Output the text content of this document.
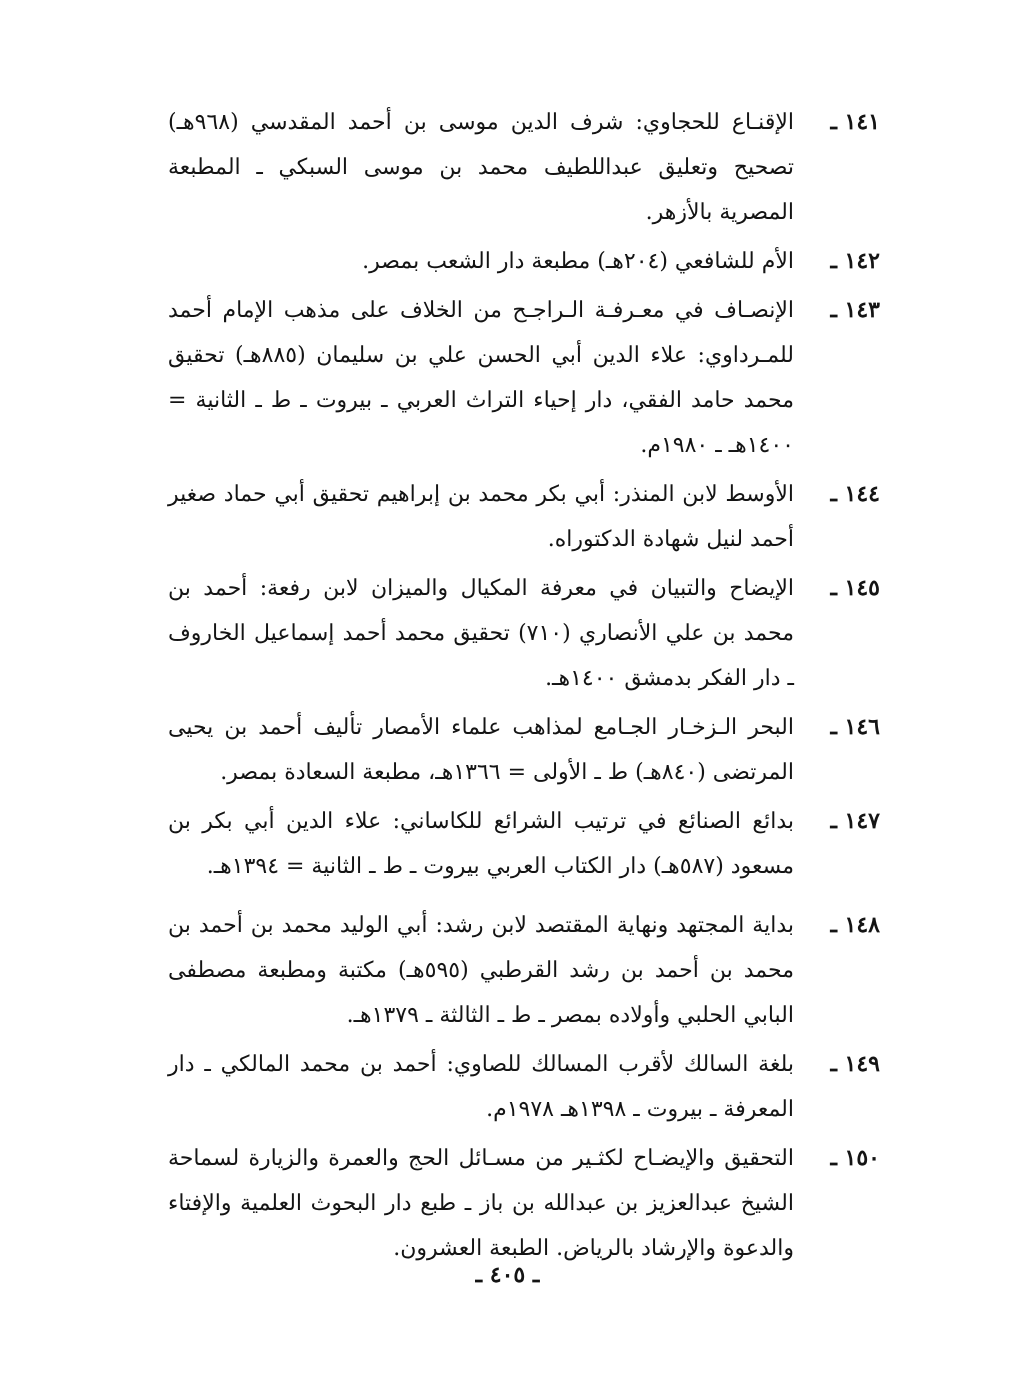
١٤١ ـ
الإقنـاع للحجاوي: شرف الدين موسى بن أحمد المقدسي (٩٦٨هـ) تصحيح وتعليق عبداللطيف محمد بن موسى السبكي ـ المطبعة المصرية بالأزهر.
١٤٢ ـ
الأم للشافعي (٢٠٤هـ) مطبعة دار الشعب بمصر.
١٤٣ ـ
الإنصـاف في معـرفـة الـراجـح من الخلاف على مذهب الإمام أحمد للمـرداوي: علاء الدين أبي الحسن علي بن سليمان (٨٨٥هـ) تحقيق محمد حامد الفقي، دار إحياء التراث العربي ـ بيروت ـ ط ـ الثانية = ١٤٠٠هـ ـ ١٩٨٠م.
١٤٤ ـ
الأوسط لابن المنذر: أبي بكر محمد بن إبراهيم تحقيق أبي حماد صغير أحمد لنيل شهادة الدكتوراه.
١٤٥ ـ
الإيضاح والتبيان في معرفة المكيال والميزان لابن رفعة: أحمد بن محمد بن علي الأنصاري (٧١٠) تحقيق محمد أحمد إسماعيل الخاروف ـ دار الفكر بدمشق ١٤٠٠هـ.
١٤٦ ـ
البحر الـزخـار الجـامع لمذاهب علماء الأمصار تأليف أحمد بن يحيى المرتضى (٨٤٠هـ) ط ـ الأولى = ١٣٦٦هـ، مطبعة السعادة بمصر.
١٤٧ ـ
بدائع الصنائع في ترتيب الشرائع للكاساني: علاء الدين أبي بكر بن مسعود (٥٨٧هـ) دار الكتاب العربي بيروت ـ ط ـ الثانية = ١٣٩٤هـ.
١٤٨ ـ
بداية المجتهد ونهاية المقتصد لابن رشد: أبي الوليد محمد بن أحمد بن محمد بن أحمد بن رشد القرطبي (٥٩٥هـ) مكتبة ومطبعة مصطفى البابي الحلبي وأولاده بمصر ـ ط ـ الثالثة ـ ١٣٧٩هـ.
١٤٩ ـ
بلغة السالك لأقرب المسالك للصاوي: أحمد بن محمد المالكي ـ دار المعرفة ـ بيروت ـ ١٣٩٨هـ ١٩٧٨م.
١٥٠ ـ
التحقيق والإيضـاح لكثـير من مسـائل الحج والعمرة والزيارة لسماحة الشيخ عبدالعزيز بن عبدالله بن باز ـ طبع دار البحوث العلمية والإفتاء والدعوة والإرشاد بالرياض. الطبعة العشرون.
ـ ٤٠٥ ـ
